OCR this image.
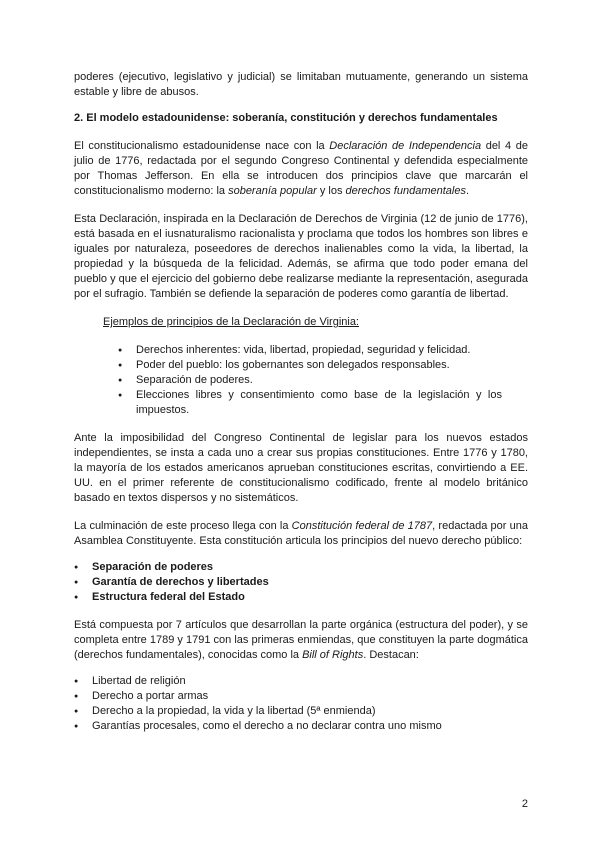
poderes (ejecutivo, legislativo y judicial) se limitaban mutuamente, generando un sistema estable y libre de abusos.

2. El modelo estadounidense: soberanía, constitución y derechos fundamentales

El constitucionalismo estadounidense nace con la Declaración de Independencia del 4 de julio de 1776, redactada por el segundo Congreso Continental y defendida especialmente por Thomas Jefferson. En ella se introducen dos principios clave que marcarán el constitucionalismo moderno: la soberanía popular y los derechos fundamentales.

Esta Declaración, inspirada en la Declaración de Derechos de Virginia (12 de junio de 1776), está basada en el iusnaturalismo racionalista y proclama que todos los hombres son libres e iguales por naturaleza, poseedores de derechos inalienables como la vida, la libertad, la propiedad y la búsqueda de la felicidad. Además, se afirma que todo poder emana del pueblo y que el ejercicio del gobierno debe realizarse mediante la representación, asegurada por el sufragio. También se defiende la separación de poderes como garantía de libertad.

Ejemplos de principios de la Declaración de Virginia:
● Derechos inherentes: vida, libertad, propiedad, seguridad y felicidad.
● Poder del pueblo: los gobernantes son delegados responsables.
● Separación de poderes.
● Elecciones libres y consentimiento como base de la legislación y los impuestos.

Ante la imposibilidad del Congreso Continental de legislar para los nuevos estados independientes, se insta a cada uno a crear sus propias constituciones. Entre 1776 y 1780, la mayoría de los estados americanos aprueban constituciones escritas, convirtiendo a EE. UU. en el primer referente de constitucionalismo codificado, frente al modelo británico basado en textos dispersos y no sistemáticos.

La culminación de este proceso llega con la Constitución federal de 1787, redactada por una Asamblea Constituyente. Esta constitución articula los principios del nuevo derecho público:

● Separación de poderes
● Garantía de derechos y libertades
● Estructura federal del Estado

Está compuesta por 7 artículos que desarrollan la parte orgánica (estructura del poder), y se completa entre 1789 y 1791 con las primeras enmiendas, que constituyen la parte dogmática (derechos fundamentales), conocidas como la Bill of Rights. Destacan:

● Libertad de religión
● Derecho a portar armas
● Derecho a la propiedad, la vida y la libertad (5ª enmienda)
● Garantías procesales, como el derecho a no declarar contra uno mismo
2
